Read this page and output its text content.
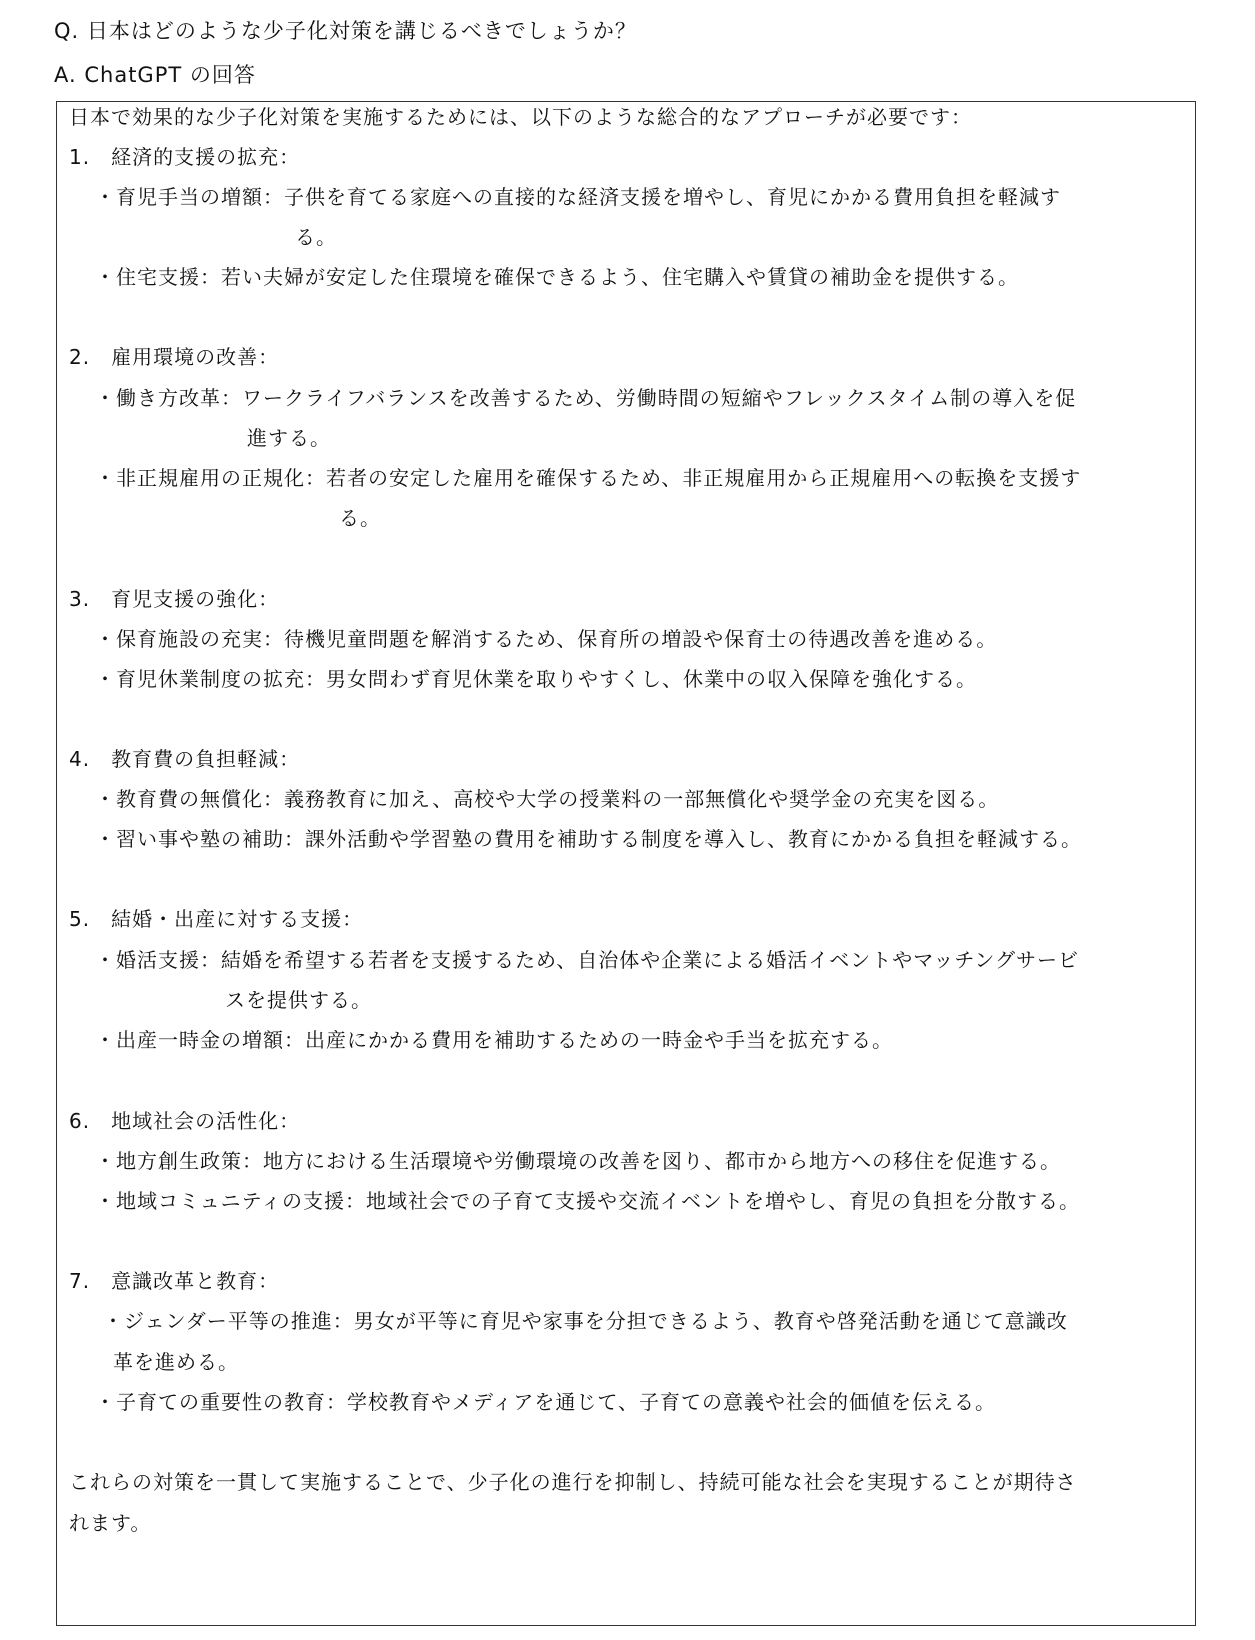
Q. 日本はどのような少子化対策を講じるべきでしょうか？
A. ChatGPT の回答
日本で効果的な少子化対策を実施するためには、以下のような総合的なアプローチが必要です：
1.　経済的支援の拡充：
・育児手当の増額：子供を育てる家庭への直接的な経済支援を増やし、育児にかかる費用負担を軽減す
る。
・住宅支援：若い夫婦が安定した住環境を確保できるよう、住宅購入や賃貸の補助金を提供する。
2.　雇用環境の改善：
・働き方改革：ワークライフバランスを改善するため、労働時間の短縮やフレックスタイム制の導入を促
進する。
・非正規雇用の正規化：若者の安定した雇用を確保するため、非正規雇用から正規雇用への転換を支援す
る。
3.　育児支援の強化：
・保育施設の充実：待機児童問題を解消するため、保育所の増設や保育士の待遇改善を進める。
・育児休業制度の拡充：男女問わず育児休業を取りやすくし、休業中の収入保障を強化する。
4.　教育費の負担軽減：
・教育費の無償化：義務教育に加え、高校や大学の授業料の一部無償化や奨学金の充実を図る。
・習い事や塾の補助：課外活動や学習塾の費用を補助する制度を導入し、教育にかかる負担を軽減する。
5.　結婚・出産に対する支援：
・婚活支援：結婚を希望する若者を支援するため、自治体や企業による婚活イベントやマッチングサービ
スを提供する。
・出産一時金の増額：出産にかかる費用を補助するための一時金や手当を拡充する。
6.　地域社会の活性化：
・地方創生政策：地方における生活環境や労働環境の改善を図り、都市から地方への移住を促進する。
・地域コミュニティの支援：地域社会での子育て支援や交流イベントを増やし、育児の負担を分散する。
7.　意識改革と教育：
・ジェンダー平等の推進：男女が平等に育児や家事を分担できるよう、教育や啓発活動を通じて意識改
革を進める。
・子育ての重要性の教育：学校教育やメディアを通じて、子育ての意義や社会的価値を伝える。
これらの対策を一貫して実施することで、少子化の進行を抑制し、持続可能な社会を実現することが期待さ
れます。
